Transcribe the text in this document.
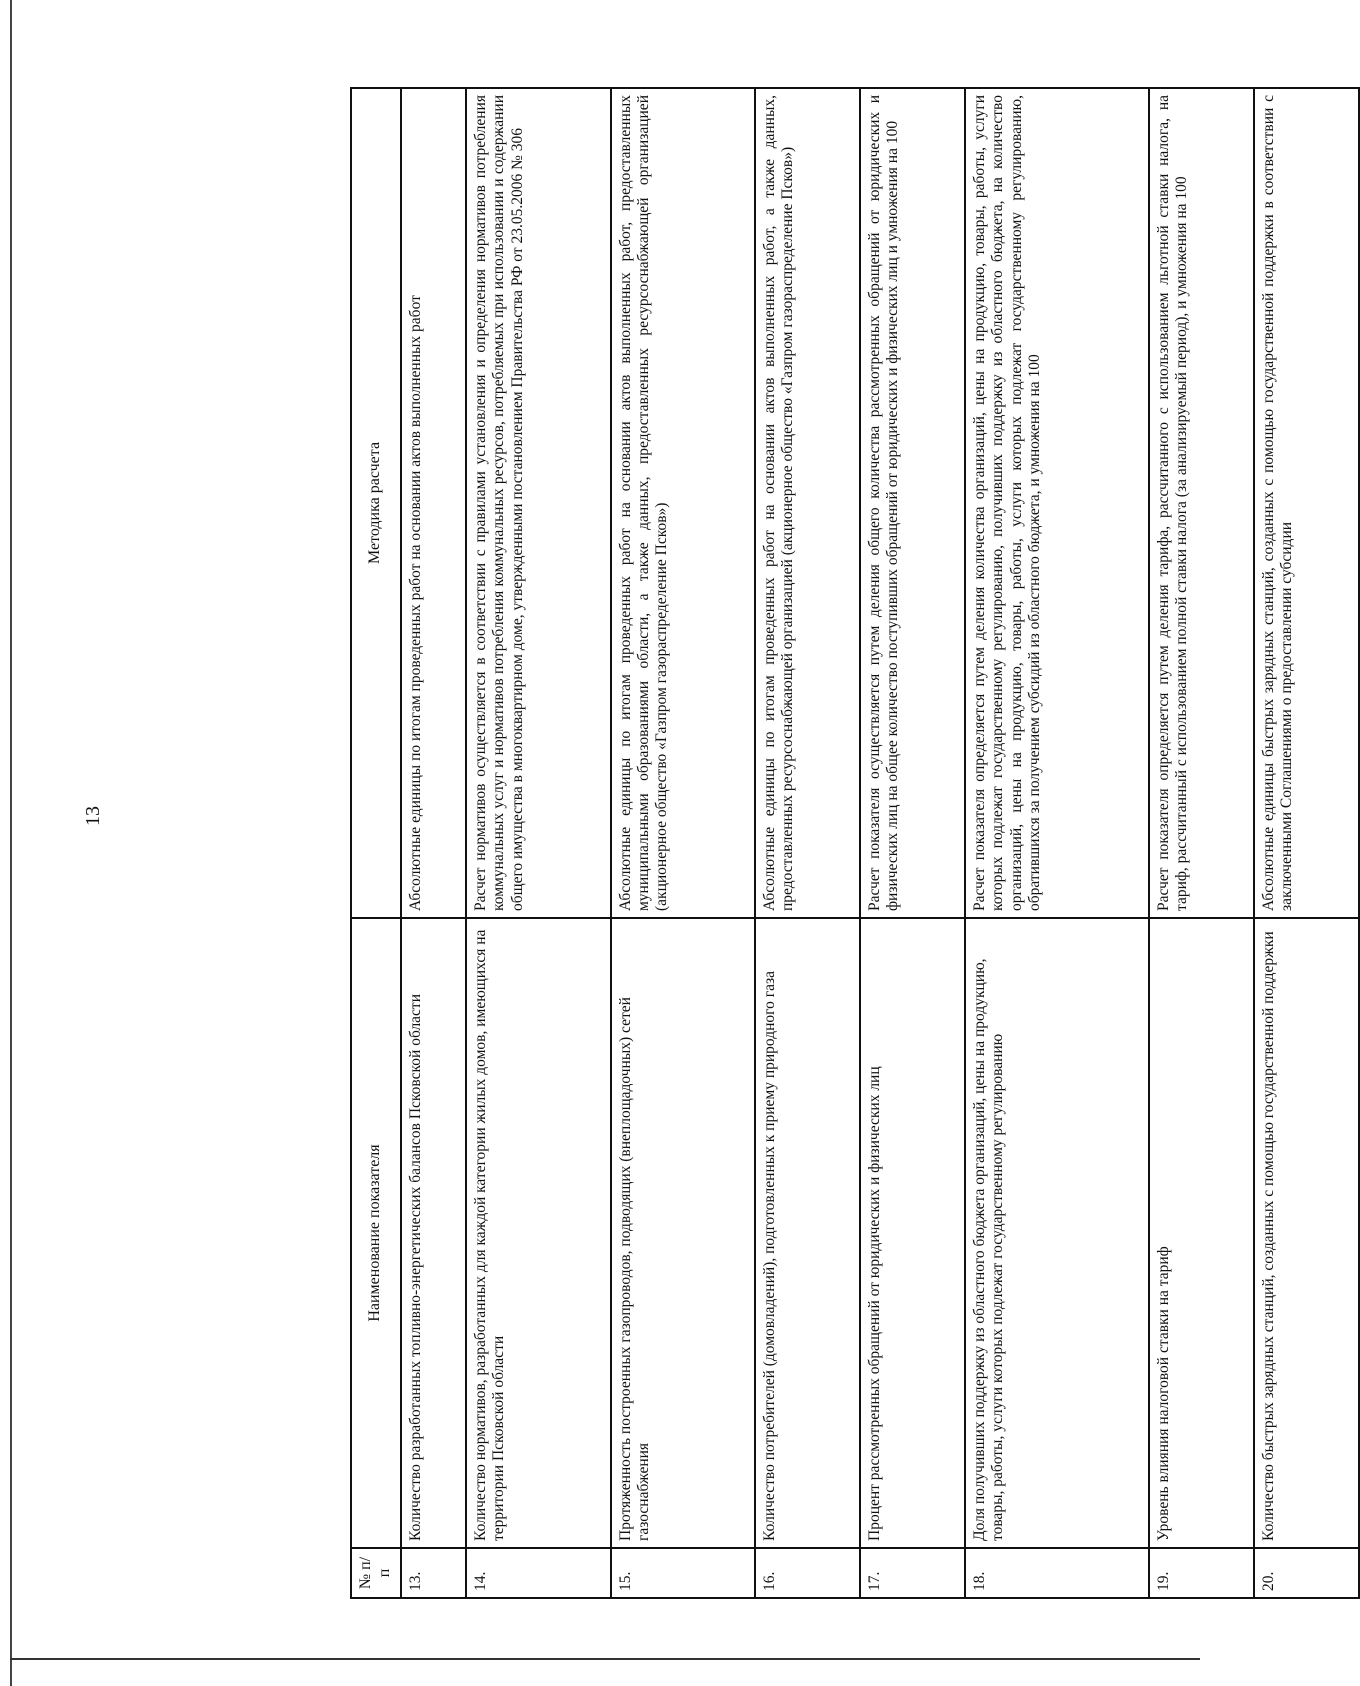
13
№ п/п	Наименование показателя	Методика расчета
13.	Количество разработанных топливно-энергетических балансов Псковской области	Абсолютные единицы по итогам проведенных работ на основании актов выполненных работ
14.	Количество нормативов, разработанных для каждой категории жилых домов, имеющихся на территории Псковской области	Расчет нормативов осуществляется в соответствии с правилами установления и определения нормативов потребления коммунальных услуг и нормативов потребления коммунальных ресурсов, потребляемых при использовании и содержании общего имущества в многоквартирном доме, утвержденными постановлением Правительства РФ от 23.05.2006 № 306
15.	Протяженность построенных газопроводов, подводящих (внеплощадочных) сетей газоснабжения	Абсолютные единицы по итогам проведенных работ на основании актов выполненных работ, предоставленных муниципальными образованиями области, а также данных, предоставленных ресурсоснабжающей организацией (акционерное общество «Газпром газораспределение Псков»)
16.	Количество потребителей (домовладений), подготовленных к приему природного газа	Абсолютные единицы по итогам проведенных работ на основании актов выполненных работ, а также данных, предоставленных ресурсоснабжающей организацией (акционерное общество «Газпром газораспределение Псков»)
17.	Процент рассмотренных обращений от юридических и физических лиц	Расчет показателя осуществляется путем деления общего количества рассмотренных обращений от юридических и физических лиц на общее количество поступивших обращений от юридических и физических лиц и умножения на 100
18.	Доля получивших поддержку из областного бюджета организаций, цены на продукцию, товары, работы, услуги которых подлежат государственному регулированию	Расчет показателя определяется путем деления количества организаций, цены на продукцию, товары, работы, услуги которых подлежат государственному регулированию, получивших поддержку из областного бюджета, на количество организаций, цены на продукцию, товары, работы, услуги которых подлежат государственному регулированию, обратившихся за получением субсидий из областного бюджета, и умножения на 100
19.	Уровень влияния налоговой ставки на тариф	Расчет показателя определяется путем деления тарифа, рассчитанного с использованием льготной ставки налога, на тариф, рассчитанный с использованием полной ставки налога (за анализируемый период), и умножения на 100
20.	Количество быстрых зарядных станций, созданных с помощью государственной поддержки	Абсолютные единицы быстрых зарядных станций, созданных с помощью государственной поддержки в соответствии с заключенными Соглашениями о предоставлении субсидии
